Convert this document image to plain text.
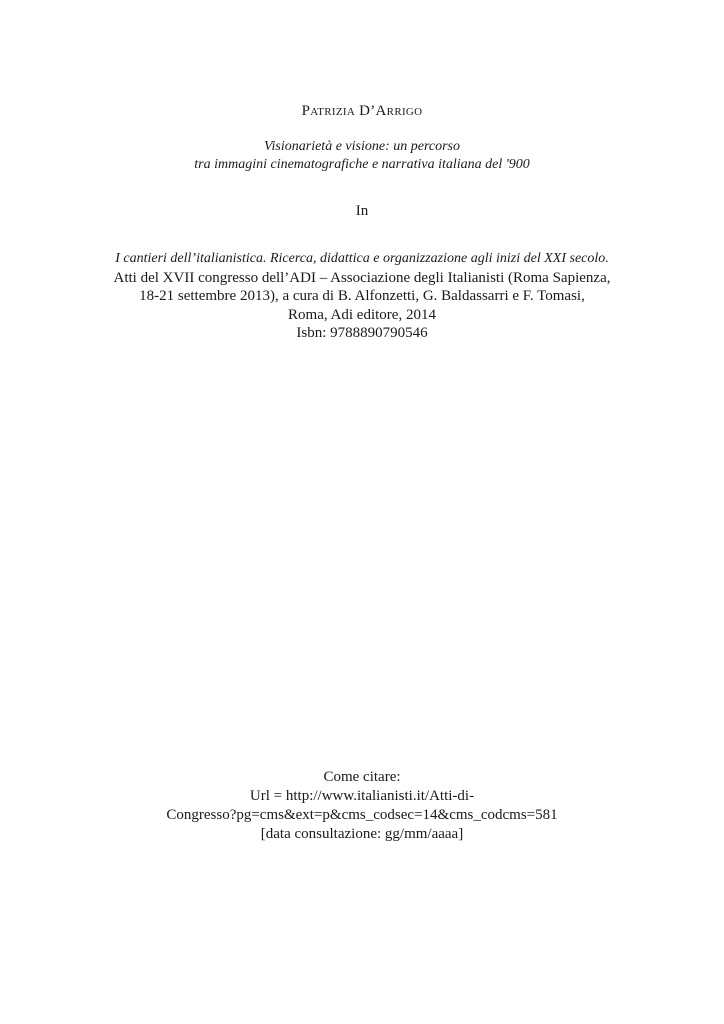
Patrizia D’Arrigo
Visionarietà e visione: un percorso
tra immagini cinematografiche e narrativa italiana del '900
In
I cantieri dell’italianistica. Ricerca, didattica e organizzazione agli inizi del XXI secolo.
Atti del XVII congresso dell’ADI – Associazione degli Italianisti (Roma Sapienza,
18-21 settembre 2013), a cura di B. Alfonzetti, G. Baldassarri e F. Tomasi,
Roma, Adi editore, 2014
Isbn: 9788890790546
Come citare:
Url = http://www.italianisti.it/Atti-di-
Congresso?pg=cms&ext=p&cms_codsec=14&cms_codcms=581
[data consultazione: gg/mm/aaaa]
